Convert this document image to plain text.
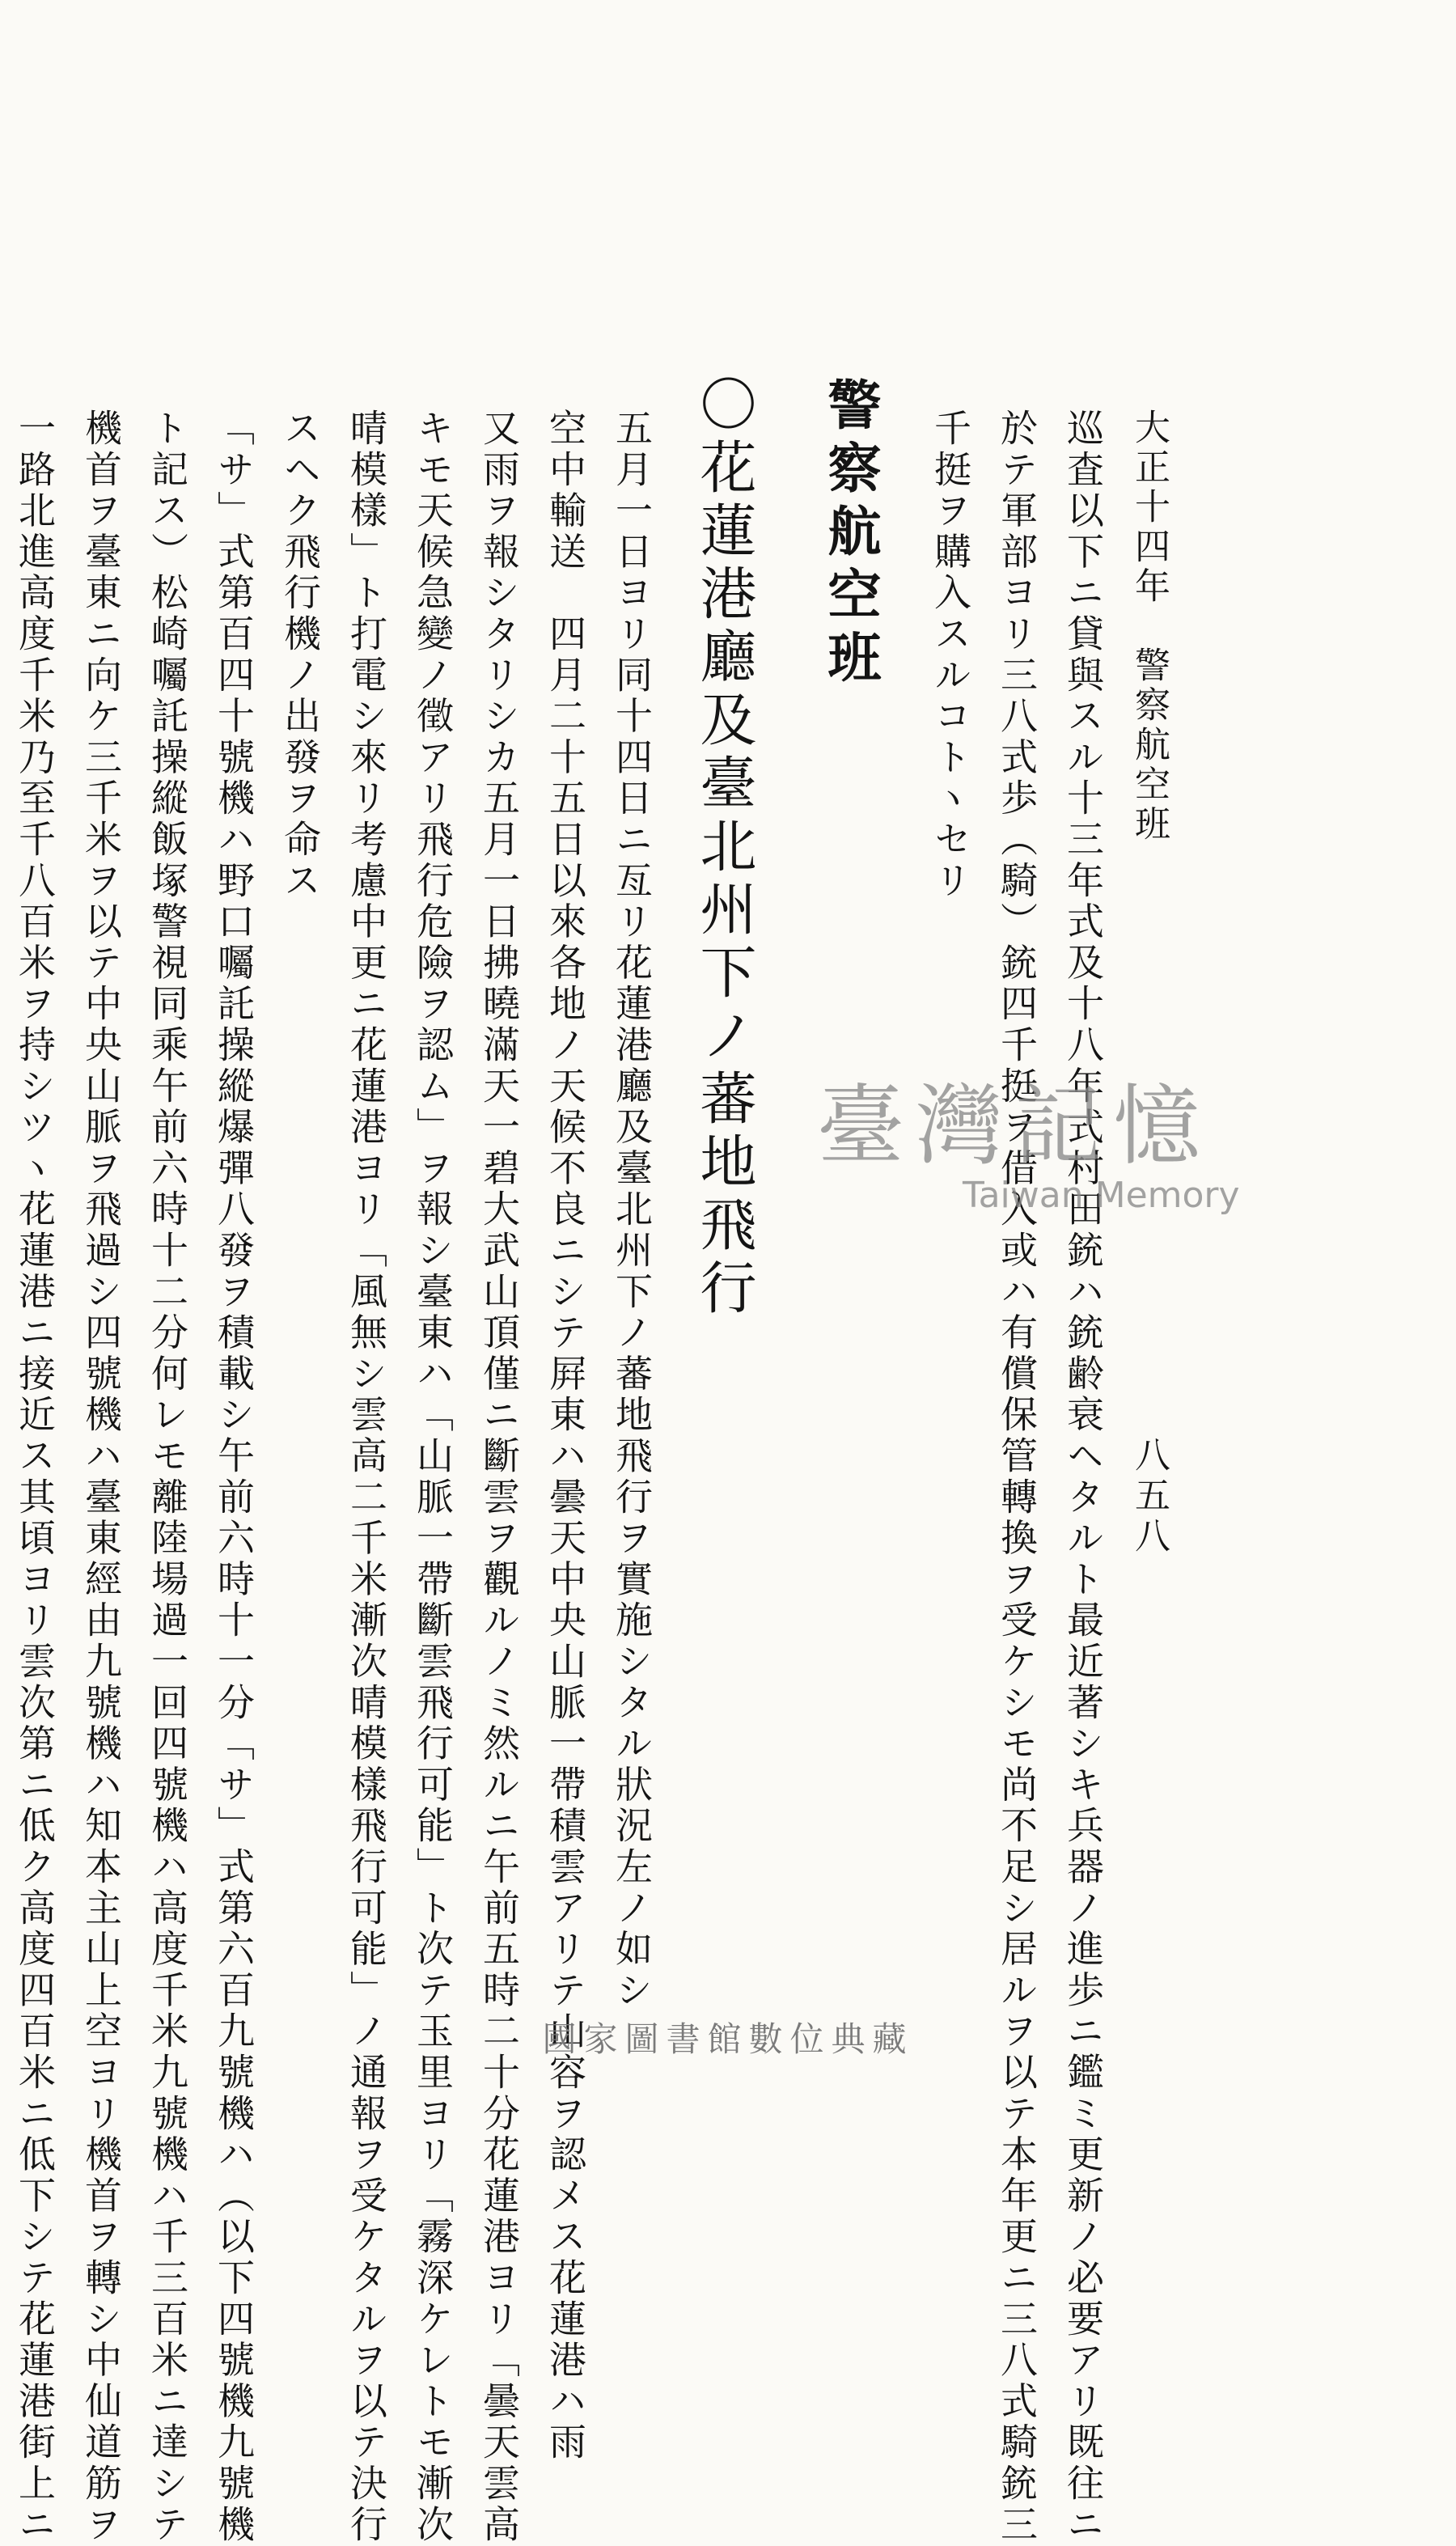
大正十四年　警察航空班
八五八
巡査以下ニ貸與スル十三年式及十八年式村田銃ハ銃齢衰ヘタルト最近著シキ兵器ノ進歩ニ鑑ミ更新ノ必要アリ既往ニ
於テ軍部ヨリ三八式歩（騎）銃四千挺ヲ借入或ハ有償保管轉換ヲ受ケシモ尚不足シ居ルヲ以テ本年更ニ三八式騎銃三
千挺ヲ購入スルコトヽセリ
警察航空班
〇花蓮港廳及臺北州下ノ蕃地飛行
五月一日ヨリ同十四日ニ亙リ花蓮港廳及臺北州下ノ蕃地飛行ヲ實施シタル狀況左ノ如シ
空中輸送　四月二十五日以來各地ノ天候不良ニシテ屛東ハ曇天中央山脈一帶積雲アリテ山容ヲ認メス花蓮港ハ雨
又雨ヲ報シタリシカ五月一日拂曉滿天一碧大武山頂僅ニ斷雲ヲ觀ルノミ然ルニ午前五時二十分花蓮港ヨリ「曇天雲高
キモ天候急變ノ徵アリ飛行危險ヲ認ム」ヲ報シ臺東ハ「山脈一帶斷雲飛行可能」ト次テ玉里ヨリ「霧深ケレトモ漸次
晴模樣」ト打電シ來リ考慮中更ニ花蓮港ヨリ「風無シ雲高二千米漸次晴模樣飛行可能」ノ通報ヲ受ケタルヲ以テ決行
スヘク飛行機ノ出發ヲ命ス
「サ」式第百四十號機ハ野口囑託操縱爆彈八發ヲ積載シ午前六時十一分「サ」式第六百九號機ハ（以下四號機九號機
ト記ス）松崎囑託操縱飯塚警視同乘午前六時十二分何レモ離陸場過一回四號機ハ高度千米九號機ハ千三百米ニ達シテ
機首ヲ臺東ニ向ケ三千米ヲ以テ中央山脈ヲ飛過シ四號機ハ臺東經由九號機ハ知本主山上空ヨリ機首ヲ轉シ中仙道筋ヲ
一路北進高度千米乃至千八百米ヲ持シツヽ花蓮港ニ接近ス其頃ヨリ雲次第ニ低ク高度四百米ニ低下シテ花蓮港街上ニ	臺灣記憶
Taiwan Memory
國家圖書館數位典藏
